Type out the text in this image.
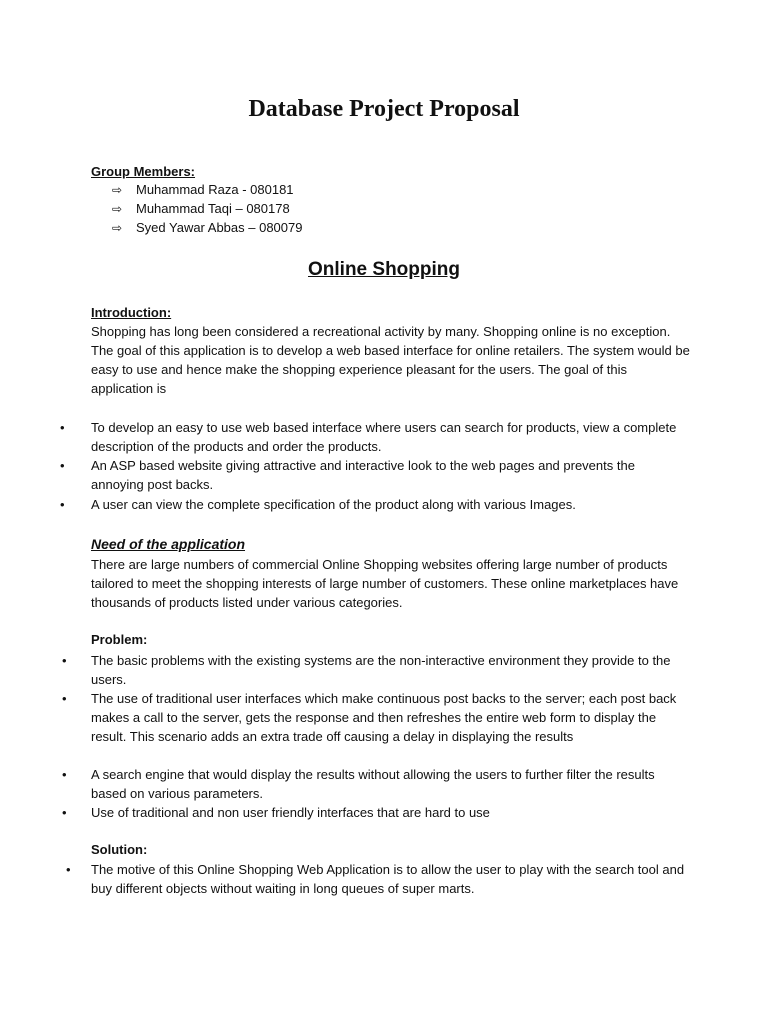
Database Project Proposal
Group Members:
⇨ Muhammad Raza - 080181
⇨ Muhammad Taqi – 080178
⇨ Syed Yawar Abbas – 080079
Online Shopping
Introduction:
Shopping has long been considered a recreational activity by many. Shopping online is no exception. The goal of this application is to develop a web based interface for online retailers. The system would be easy to use and hence make the shopping experience pleasant for the users. The goal of this application is
• To develop an easy to use web based interface where users can search for products, view a complete description of the products and order the products.
• An ASP based website giving attractive and interactive look to the web pages and prevents the annoying post backs.
• A user can view the complete specification of the product along with various Images.
Need of the application
There are large numbers of commercial Online Shopping websites offering large number of products tailored to meet the shopping interests of large number of customers. These online marketplaces have thousands of products listed under various categories.
Problem:
• The basic problems with the existing systems are the non-interactive environment they provide to the users.
• The use of traditional user interfaces which make continuous post backs to the server; each post back makes a call to the server, gets the response and then refreshes the entire web form to display the result. This scenario adds an extra trade off causing a delay in displaying the results
• A search engine that would display the results without allowing the users to further filter the results based on various parameters.
• Use of traditional and non user friendly interfaces that are hard to use
Solution:
• The motive of this Online Shopping Web Application is to allow the user to play with the search tool and buy different objects without waiting in long queues of super marts.
